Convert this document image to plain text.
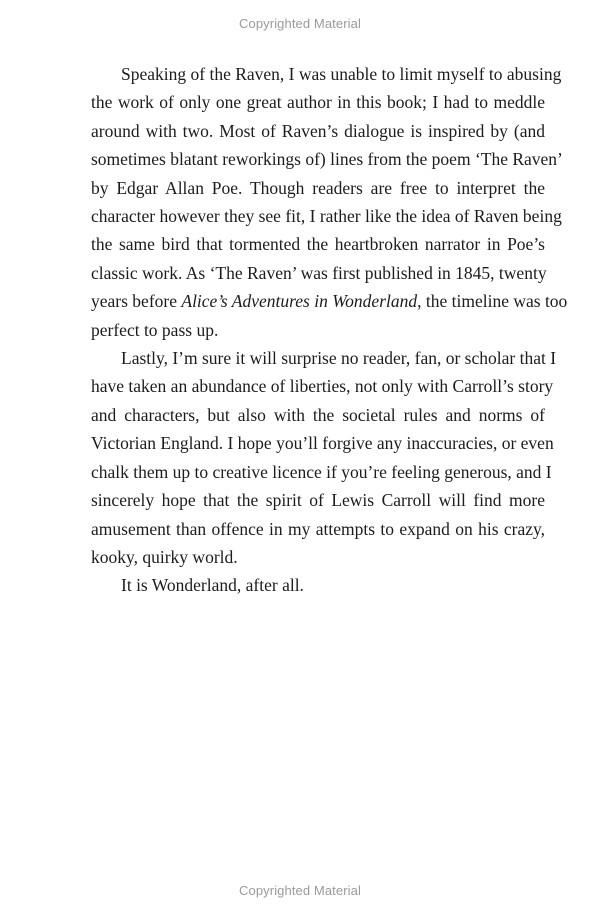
Copyrighted Material
Speaking of the Raven, I was unable to limit myself to abusing
the work of only one great author in this book; I had to meddle
around with two. Most of Raven’s dialogue is inspired by (and
sometimes blatant reworkings of) lines from the poem ‘The Raven’
by Edgar Allan Poe. Though readers are free to interpret the
character however they see fit, I rather like the idea of Raven being
the same bird that tormented the heartbroken narrator in Poe’s
classic work. As ‘The Raven’ was first published in 1845, twenty
years before Alice’s Adventures in Wonderland, the timeline was too
perfect to pass up.
Lastly, I’m sure it will surprise no reader, fan, or scholar that I
have taken an abundance of liberties, not only with Carroll’s story
and characters, but also with the societal rules and norms of
Victorian England. I hope you’ll forgive any inaccuracies, or even
chalk them up to creative licence if you’re feeling generous, and I
sincerely hope that the spirit of Lewis Carroll will find more
amusement than offence in my attempts to expand on his crazy,
kooky, quirky world.
It is Wonderland, after all.
Copyrighted Material
